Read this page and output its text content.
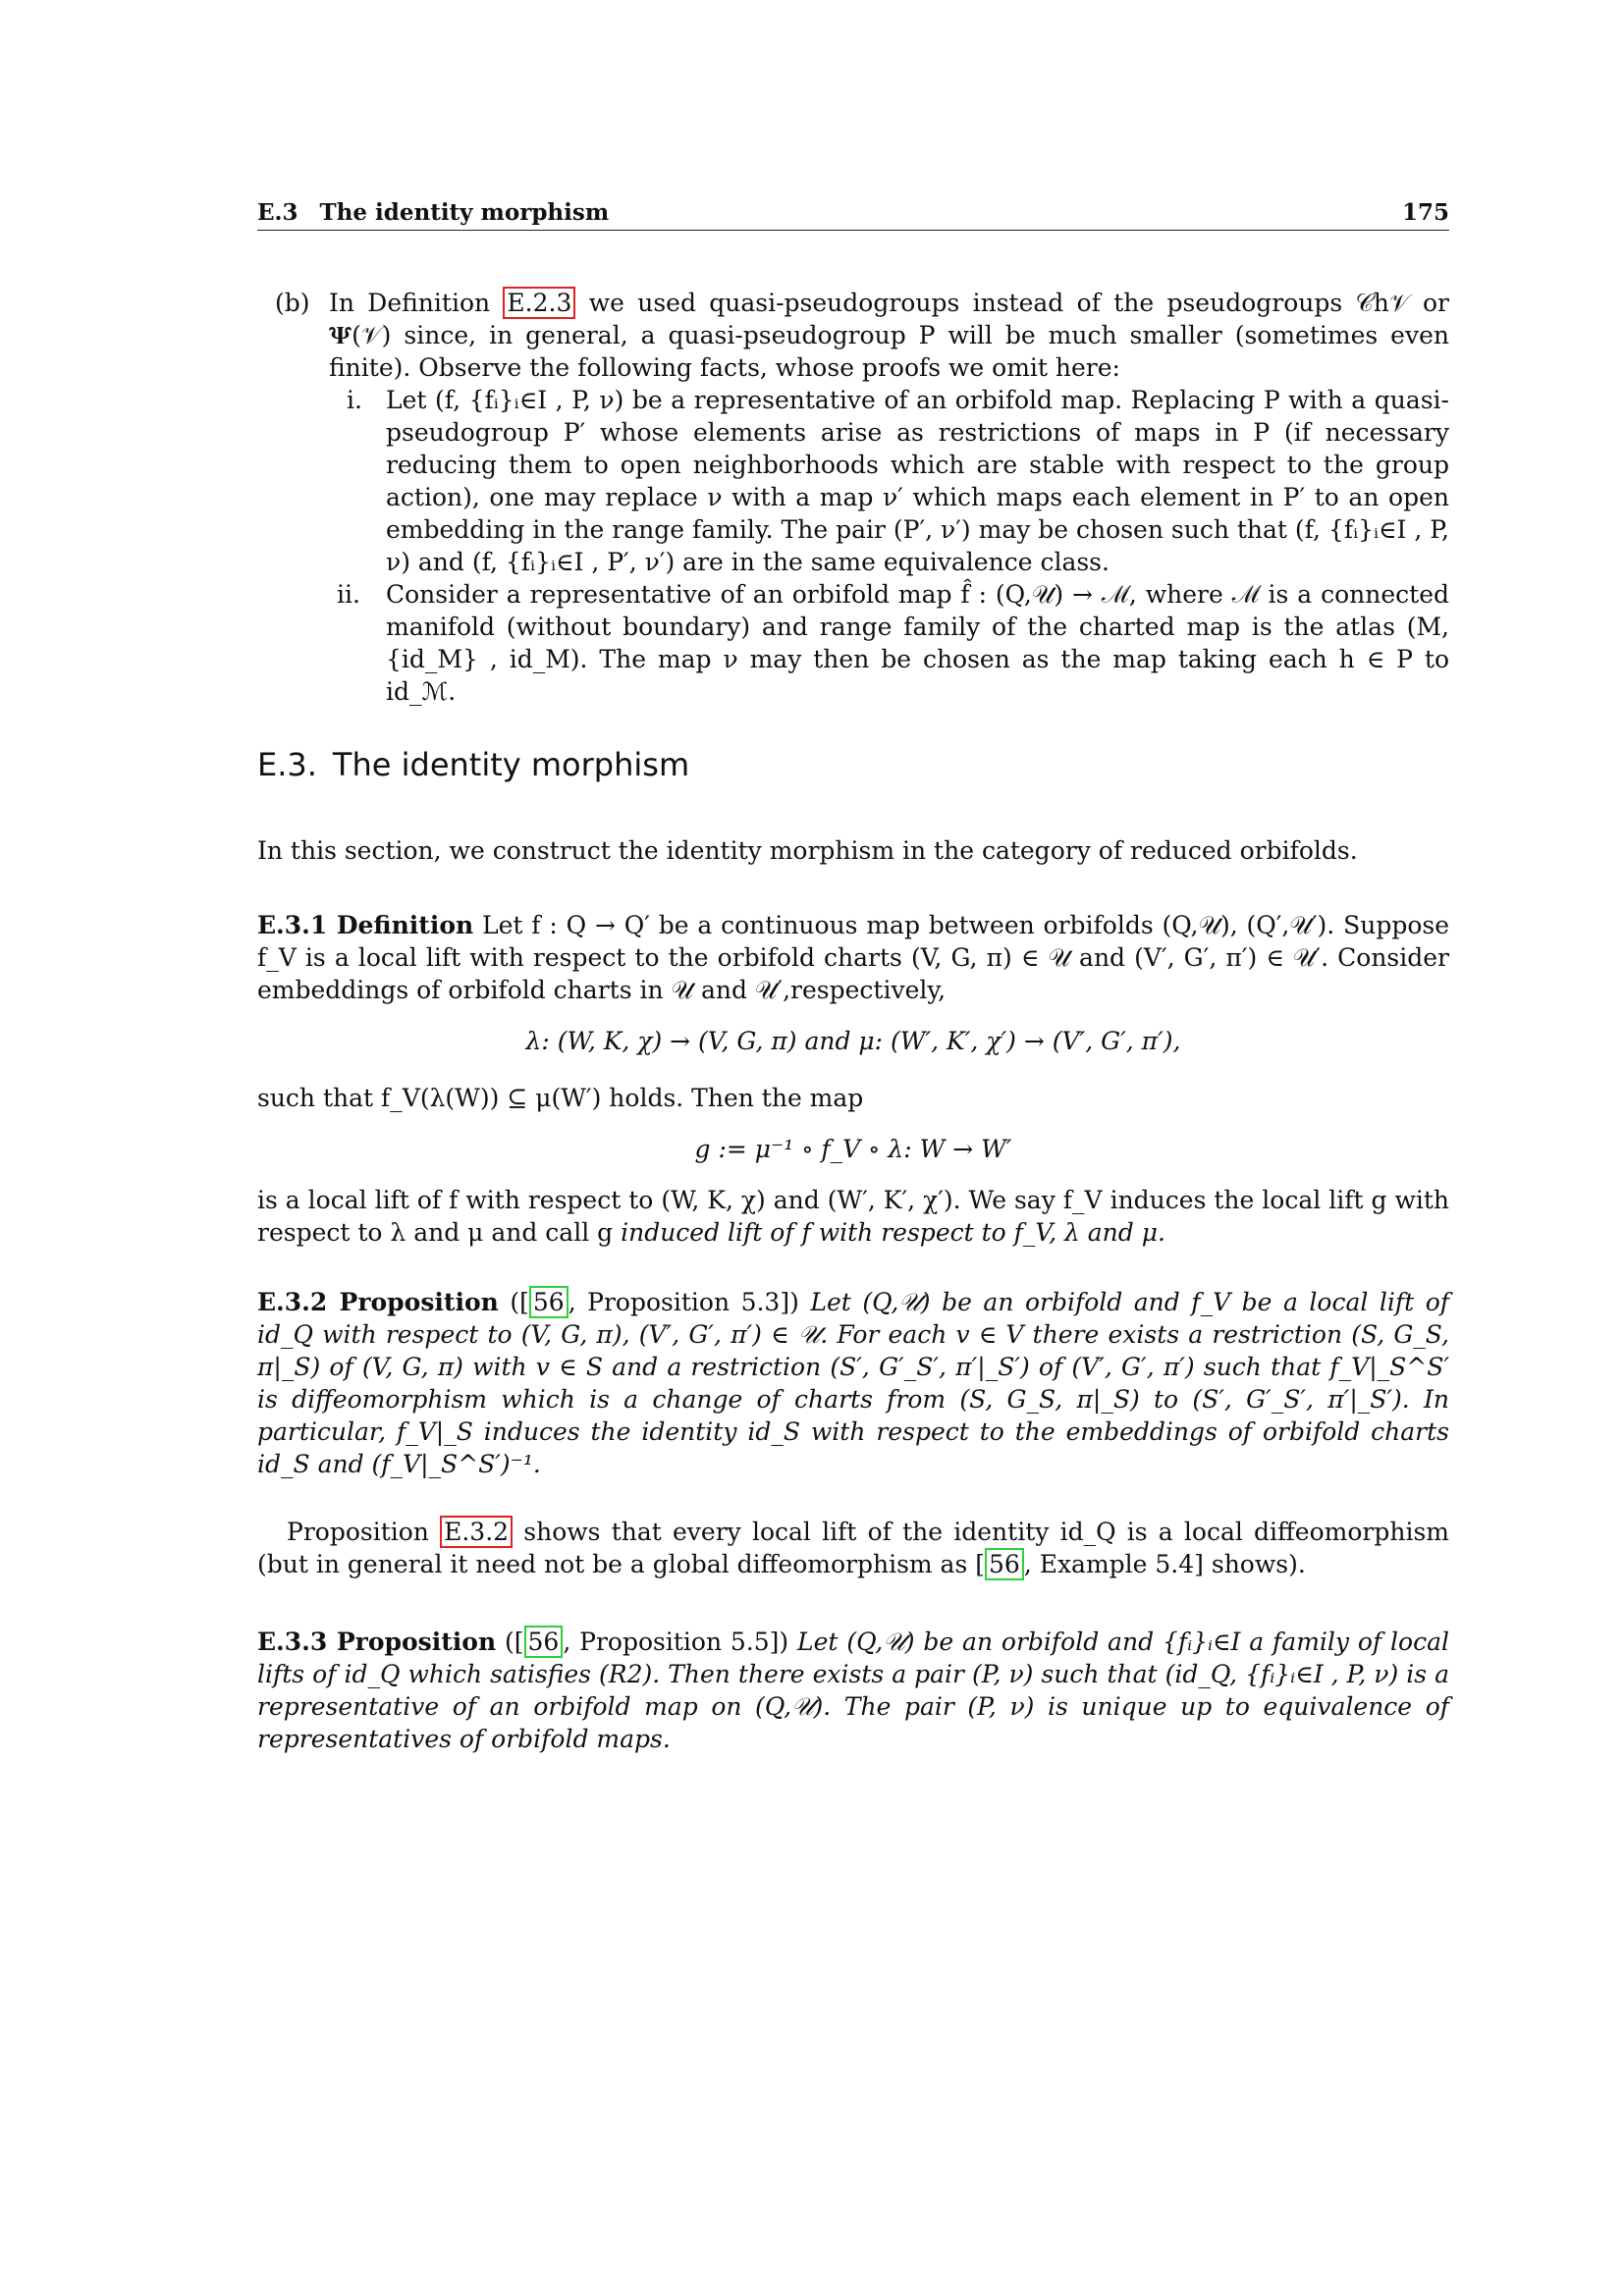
E.3 The identity morphism	175
(b) In Definition E.2.3 we used quasi-pseudogroups instead of the pseudogroups 𝒞h𝒱 or 𝚿(𝒱) since, in general, a quasi-pseudogroup P will be much smaller (sometimes even finite). Observe the following facts, whose proofs we omit here:
i. Let (f, {fᵢ}ᵢ∈I , P, ν) be a representative of an orbifold map. Replacing P with a quasi-pseudogroup P′ whose elements arise as restrictions of maps in P (if necessary reducing them to open neighborhoods which are stable with respect to the group action), one may replace ν with a map ν′ which maps each element in P′ to an open embedding in the range family. The pair (P′, ν′) may be chosen such that (f, {fᵢ}ᵢ∈I , P, ν) and (f, {fᵢ}ᵢ∈I , P′, ν′) are in the same equivalence class.
ii.	Consider a representative of an orbifold map f̂ : (Q,𝒰) → ℳ, where ℳ is a connected manifold (without boundary) and range family of the charted map is the atlas (M, {id_M} , id_M). The map ν may then be chosen as the map taking each h ∈ P to id_ℳ.
E.3. The identity morphism
In this section, we construct the identity morphism in the category of reduced orbifolds.
E.3.1 Definition Let f : Q → Q′ be a continuous map between orbifolds (Q,𝒰), (Q′,𝒰′). Suppose f_V is a local lift with respect to the orbifold charts (V, G, π) ∈ 𝒰 and (V′, G′, π′) ∈ 𝒰′. Consider embeddings of orbifold charts in 𝒰 and 𝒰′,respectively,
λ: (W, K, χ) → (V, G, π) and μ: (W′, K′, χ′) → (V′, G′, π′),
such that f_V(λ(W)) ⊆ μ(W′) holds. Then the map
g := μ⁻¹ ∘ f_V ∘ λ: W → W′
is a local lift of f with respect to (W, K, χ) and (W′, K′, χ′). We say f_V induces the local lift g with respect to λ and μ and call g induced lift of f with respect to f_V, λ and μ.
E.3.2 Proposition ([ 56 , Proposition 5.3]) Let (Q,𝒰) be an orbifold and f_V be a local lift of id_Q with respect to (V, G, π), (V′, G′, π′) ∈ 𝒰. For each v ∈ V there exists a restriction (S, G_S, π|_S) of (V, G, π) with v ∈ S and a restriction (S′, G′_S′, π′|_S′) of (V′, G′, π′) such that f_V|_S^S′ is diffeomorphism which is a change of charts from (S, G_S, π|_S) to (S′, G′_S′, π′|_S′). In particular, f_V|_S induces the identity id_S with respect to the embeddings of orbifold charts id_S and (f_V|_S^S′)⁻¹.
Proposition E.3.2 shows that every local lift of the identity id_Q is a local diffeomorphism (but in general it need not be a global diffeomorphism as [ 56 , Example 5.4] shows).
E.3.3 Proposition ([ 56 , Proposition 5.5]) Let (Q,𝒰) be an orbifold and {fᵢ}ᵢ∈I a family of local lifts of id_Q which satisfies (R2). Then there exists a pair (P, ν) such that (id_Q, {fᵢ}ᵢ∈I , P, ν) is a representative of an orbifold map on (Q,𝒰). The pair (P, ν) is unique up to equivalence of representatives of orbifold maps.
